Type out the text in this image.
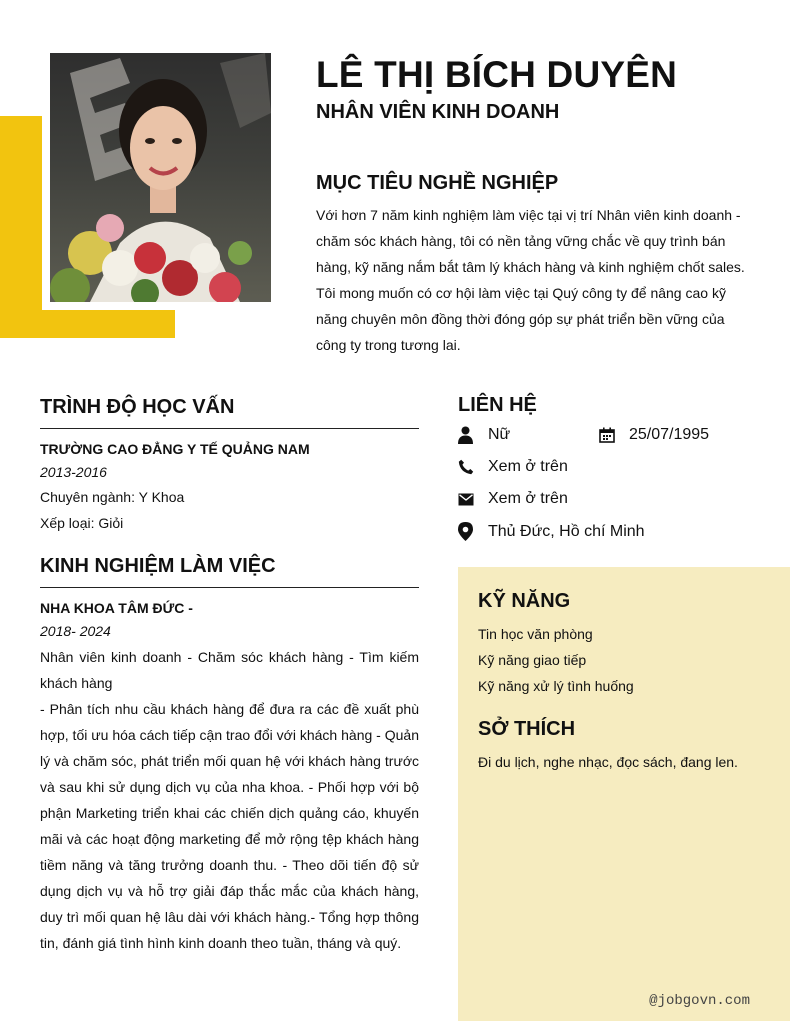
LÊ THỊ BÍCH DUYÊN
NHÂN VIÊN KINH DOANH
MỤC TIÊU NGHỀ NGHIỆP

Với hơn 7 năm kinh nghiệm làm việc tại vị trí Nhân viên kinh doanh - chăm sóc khách hàng, tôi có nền tảng vững chắc về quy trình bán hàng, kỹ năng nắm bắt tâm lý khách hàng và kinh nghiệm chốt sales. Tôi mong muốn có cơ hội làm việc tại Quý công ty để nâng cao kỹ năng chuyên môn đồng thời đóng góp sự phát triển bền vững của công ty trong tương lai.

TRÌNH ĐỘ HỌC VẤN

TRƯỜNG CAO ĐẲNG Y TẾ QUẢNG NAM

2013-2016

Chuyên ngành: Y Khoa

Xếp loại: Giỏi

KINH NGHIỆM LÀM VIỆC

NHA KHOA TÂM ĐỨC -

2018- 2024

Nhân viên kinh doanh - Chăm sóc khách hàng - Tìm kiếm khách hàng

- Phân tích nhu cầu khách hàng để đưa ra các đề xuất phù hợp, tối ưu hóa cách tiếp cận trao đổi với khách hàng - Quản lý và chăm sóc, phát triển mối quan hệ với khách hàng trước và sau khi sử dụng dịch vụ của nha khoa. - Phối hợp với bộ phận Marketing triển khai các chiến dịch quảng cáo, khuyến mãi và các hoạt động marketing để mở rộng tệp khách hàng tiềm năng và tăng trưởng doanh thu. - Theo dõi tiến độ sử dụng dịch vụ và hỗ trợ giải đáp thắc mắc của khách hàng, duy trì mối quan hệ lâu dài với khách hàng.- Tổng hợp thông tin, đánh giá tình hình kinh doanh theo tuần, tháng và quý.

LIÊN HỆ
Nữ	25/07/1995
Xem ở trên
Xem ở trên
Thủ Đức, Hồ chí Minh
KỸ NĂNG

Tin học văn phòng

Kỹ năng giao tiếp

Kỹ năng xử lý tình huống

SỞ THÍCH

Đi du lịch, nghe nhạc, đọc sách, đang len.

@jobgovn.com
